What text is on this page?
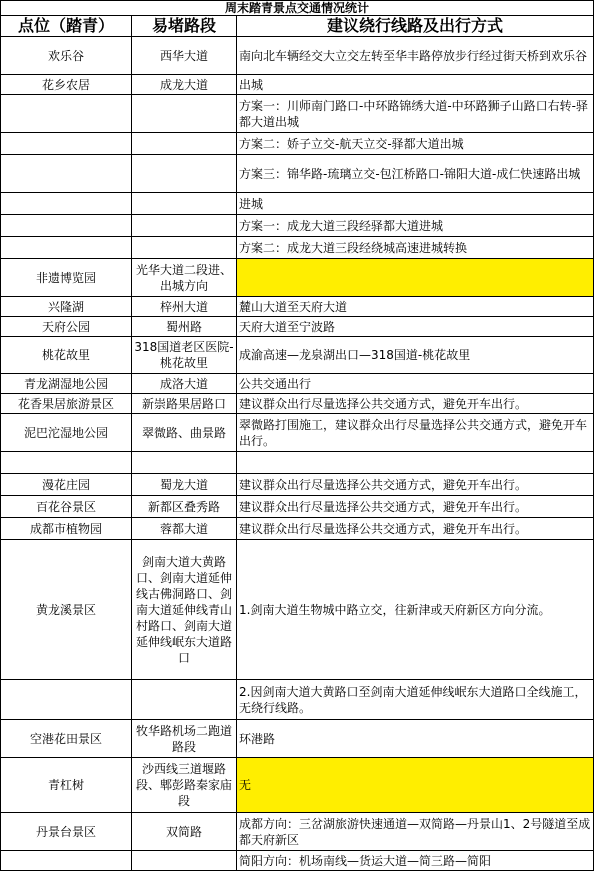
周末踏青景点交通情况统计		
点位（踏青）	易堵路段	建议绕行线路及出行方式
欢乐谷	西华大道	南向北车辆经交大立交左转至华丰路停放步行经过街天桥到欢乐谷
花乡农居	成龙大道	出城
		方案一：川师南门路口-中环路锦绣大道-中环路狮子山路口右转-驿都大道出城
		方案二：娇子立交-航天立交-驿都大道出城
		方案三：锦华路-琉璃立交-包江桥路口-锦阳大道-成仁快速路出城
		进城
		方案一：成龙大道三段经驿都大道进城
		方案二：成龙大道三段经绕城高速进城转换
非遗博览园	光华大道二段进、出城方向	
兴隆湖	梓州大道	麓山大道至天府大道
天府公园	蜀州路	天府大道至宁波路
桃花故里	318国道老区医院-桃花故里	成渝高速—龙泉湖出口—318国道-桃花故里
青龙湖湿地公园	成洛大道	公共交通出行
花香果居旅游景区	新崇路果居路口	建议群众出行尽量选择公共交通方式，避免开车出行。
泥巴沱湿地公园	翠微路、曲景路	翠微路打围施工，建议群众出行尽量选择公共交通方式，避免开车出行。

漫花庄园	蜀龙大道	建议群众出行尽量选择公共交通方式，避免开车出行。
百花谷景区	新都区叠秀路	建议群众出行尽量选择公共交通方式，避免开车出行。
成都市植物园	蓉都大道	建议群众出行尽量选择公共交通方式，避免开车出行。
黄龙溪景区	剑南大道大黄路口、剑南大道延伸线古佛洞路口、剑南大道延伸线青山村路口、剑南大道延伸线岷东大道路口	1.剑南大道生物城中路立交，往新津或天府新区方向分流。
		2.因剑南大道大黄路口至剑南大道延伸线岷东大道路口全线施工，无绕行线路。
空港花田景区	牧华路机场二跑道路段	环港路
青杠树	沙西线三道堰路段、郫彭路秦家庙段	无
丹景台景区	双简路	成都方向：三岔湖旅游快速通道—双简路—丹景山1、2号隧道至成都天府新区
		简阳方向：机场南线—货运大道—简三路—简阳
